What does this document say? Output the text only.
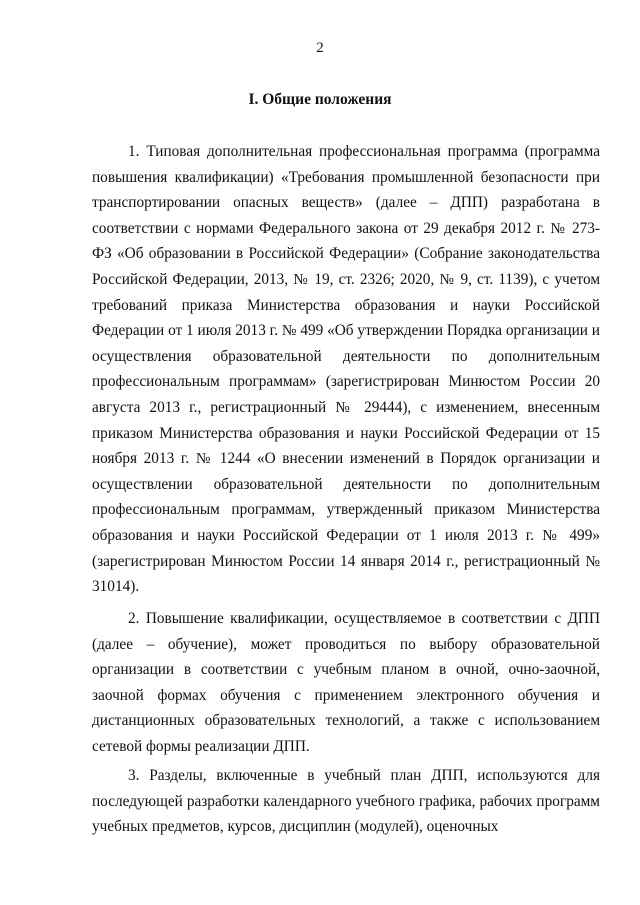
2
I. Общие положения

1. Типовая дополнительная профессиональная программа (программа повышения квалификации) «Требования промышленной безопасности при транспортировании опасных веществ» (далее – ДПП) разработана в соответствии с нормами Федерального закона от 29 декабря 2012 г. № 273-ФЗ «Об образовании в Российской Федерации» (Собрание законодательства Российской Федерации, 2013, № 19, ст. 2326; 2020, № 9, ст. 1139), с учетом требований приказа Министерства образования и науки Российской Федерации от 1 июля 2013 г. № 499 «Об утверждении Порядка организации и осуществления образовательной деятельности по дополнительным профессиональным программам» (зарегистрирован Минюстом России 20 августа 2013 г., регистрационный № 29444), с изменением, внесенным приказом Министерства образования и науки Российской Федерации от 15 ноября 2013 г. № 1244 «О внесении изменений в Порядок организации и осуществлении образовательной деятельности по дополнительным профессиональным программам, утвержденный приказом Министерства образования и науки Российской Федерации от 1 июля 2013 г. № 499» (зарегистрирован Минюстом России 14 января 2014 г., регистрационный № 31014).

2. Повышение квалификации, осуществляемое в соответствии с ДПП (далее – обучение), может проводиться по выбору образовательной организации в соответствии с учебным планом в очной, очно-заочной, заочной формах обучения с применением электронного обучения и дистанционных образовательных технологий, а также с использованием сетевой формы реализации ДПП.

3. Разделы, включенные в учебный план ДПП, используются для последующей разработки календарного учебного графика, рабочих программ учебных предметов, курсов, дисциплин (модулей), оценочных
